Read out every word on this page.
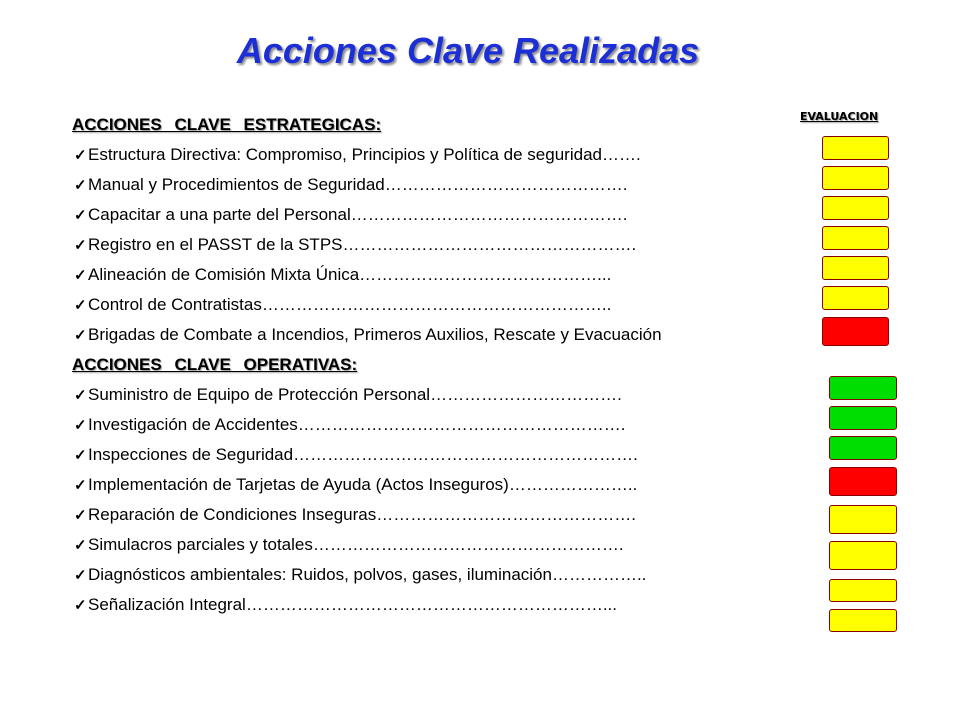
Acciones Clave Realizadas
ACCIONES CLAVE ESTRATEGICAS:
✓Estructura Directiva: Compromiso, Principios y Política de seguridad…….
✓Manual y Procedimientos de Seguridad…………………………………….
✓Capacitar a una parte del Personal………………………………………….
✓Registro en el PASST de la STPS…………………………………………….
✓Alineación de Comisión Mixta Única……………………………………...
✓Control de Contratistas……………………………………………………..
✓Brigadas de Combate a Incendios, Primeros Auxilios, Rescate y Evacuación
ACCIONES CLAVE OPERATIVAS:
✓Suministro de Equipo de Protección Personal…………………………….
✓Investigación de Accidentes………………………………………………….
✓Inspecciones de Seguridad…………………………………………………….
✓Implementación de Tarjetas de Ayuda (Actos Inseguros)…………………..
✓Reparación de Condiciones Inseguras……………………………………….
✓Simulacros parciales y totales……………………………………………….
✓Diagnósticos ambientales: Ruidos, polvos, gases, iluminación……………..
✓Señalización Integral………………………………………………………...
EVALUACION
